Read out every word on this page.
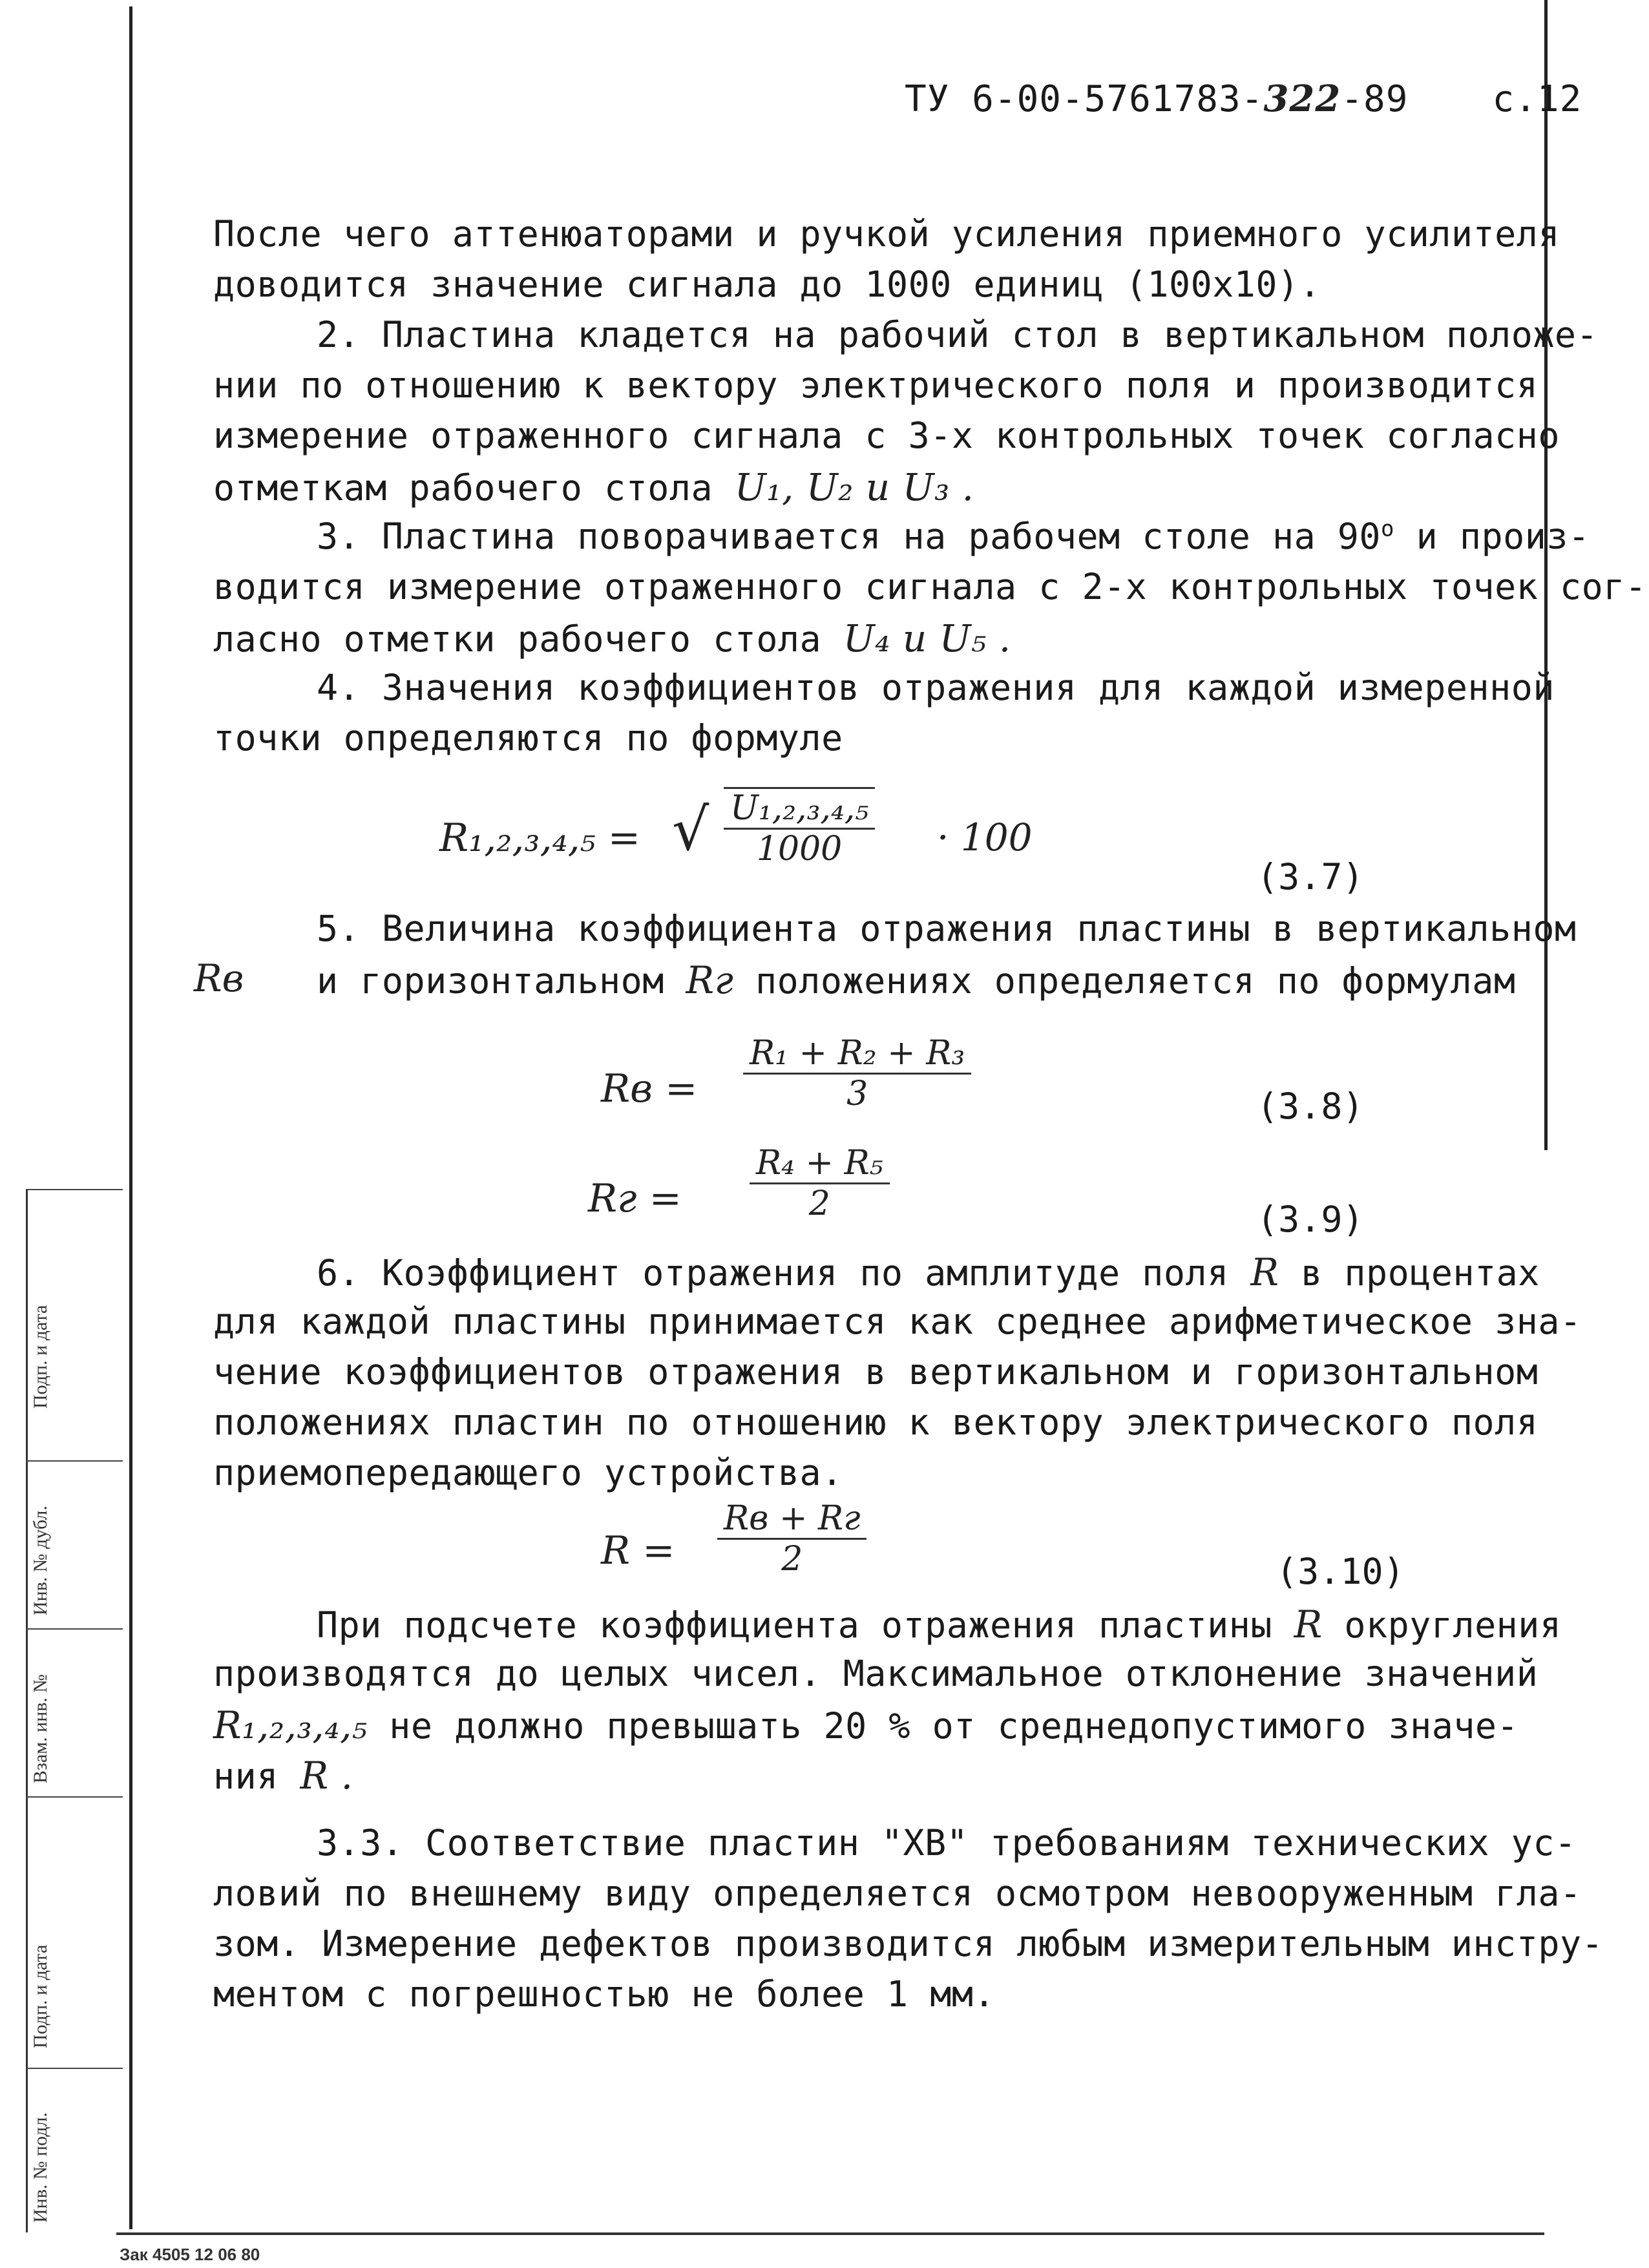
Подп. и дата
Взам. инв. №
Инв. № дубл.
Подп. и дата
Инв. № подл.
ТУ 6-00-5761783-322-89 с.12
После чего аттенюаторами и ручкой усиления приемного усилителя
доводится значение сигнала до 1000 единиц (100х10).
2. Пластина кладется на рабочий стол в вертикальном положе-
нии по отношению к вектору электрического поля и производится
измерение отраженного сигнала с 3-х контрольных точек согласно
отметкам рабочего стола U₁, U₂ и U₃ .
3. Пластина поворачивается на рабочем столе на $90^о$ и произ-
водится измерение отраженного сигнала с 2-х контрольных точек сог-
ласно отметки рабочего стола U₄ и U₅ .
4. Значения коэффициентов отражения для каждой измеренной
точки определяются по формуле
R₁,₂,₃,₄,₅ = √ $\frac{\text{U₁,₂,₃,₄,₅}}{1000} \cdot 100$
(3.7)
5. Величина коэффициента отражения пластины в вертикальном
Rв и горизонтальном Rг положениях определяется по формулам
Rв = $\frac{\text{R₁ + R₂ + R₃}}{3}$	(3.8)
Rг = $\frac{\text{R₄ + R₅}}{2}$	(3.9)
6. Коэффициент отражения по амплитуде поля R в процентах
для каждой пластины принимается как среднее арифметическое зна-
чение коэффициентов отражения в вертикальном и горизонтальном
положениях пластин по отношению к вектору электрического поля
приемопередающего устройства.
R =
Rв + Rг
2	(3.10)
При подсчете коэффициента отражения пластины R округления
производятся до целых чисел. Максимальное отклонение значений
R₁,₂,₃,₄,₅ не должно превышать 20 % от среднедопустимого значе-
ния R .
3.3. Соответствие пластин "ХВ" требованиям технических ус-
ловий по внешнему виду определяется осмотром невооруженным гла-
зом. Измерение дефектов производится любым измерительным инстру-
ментом с погрешностью не более 1 мм.
Зак 4505 12 06 80
